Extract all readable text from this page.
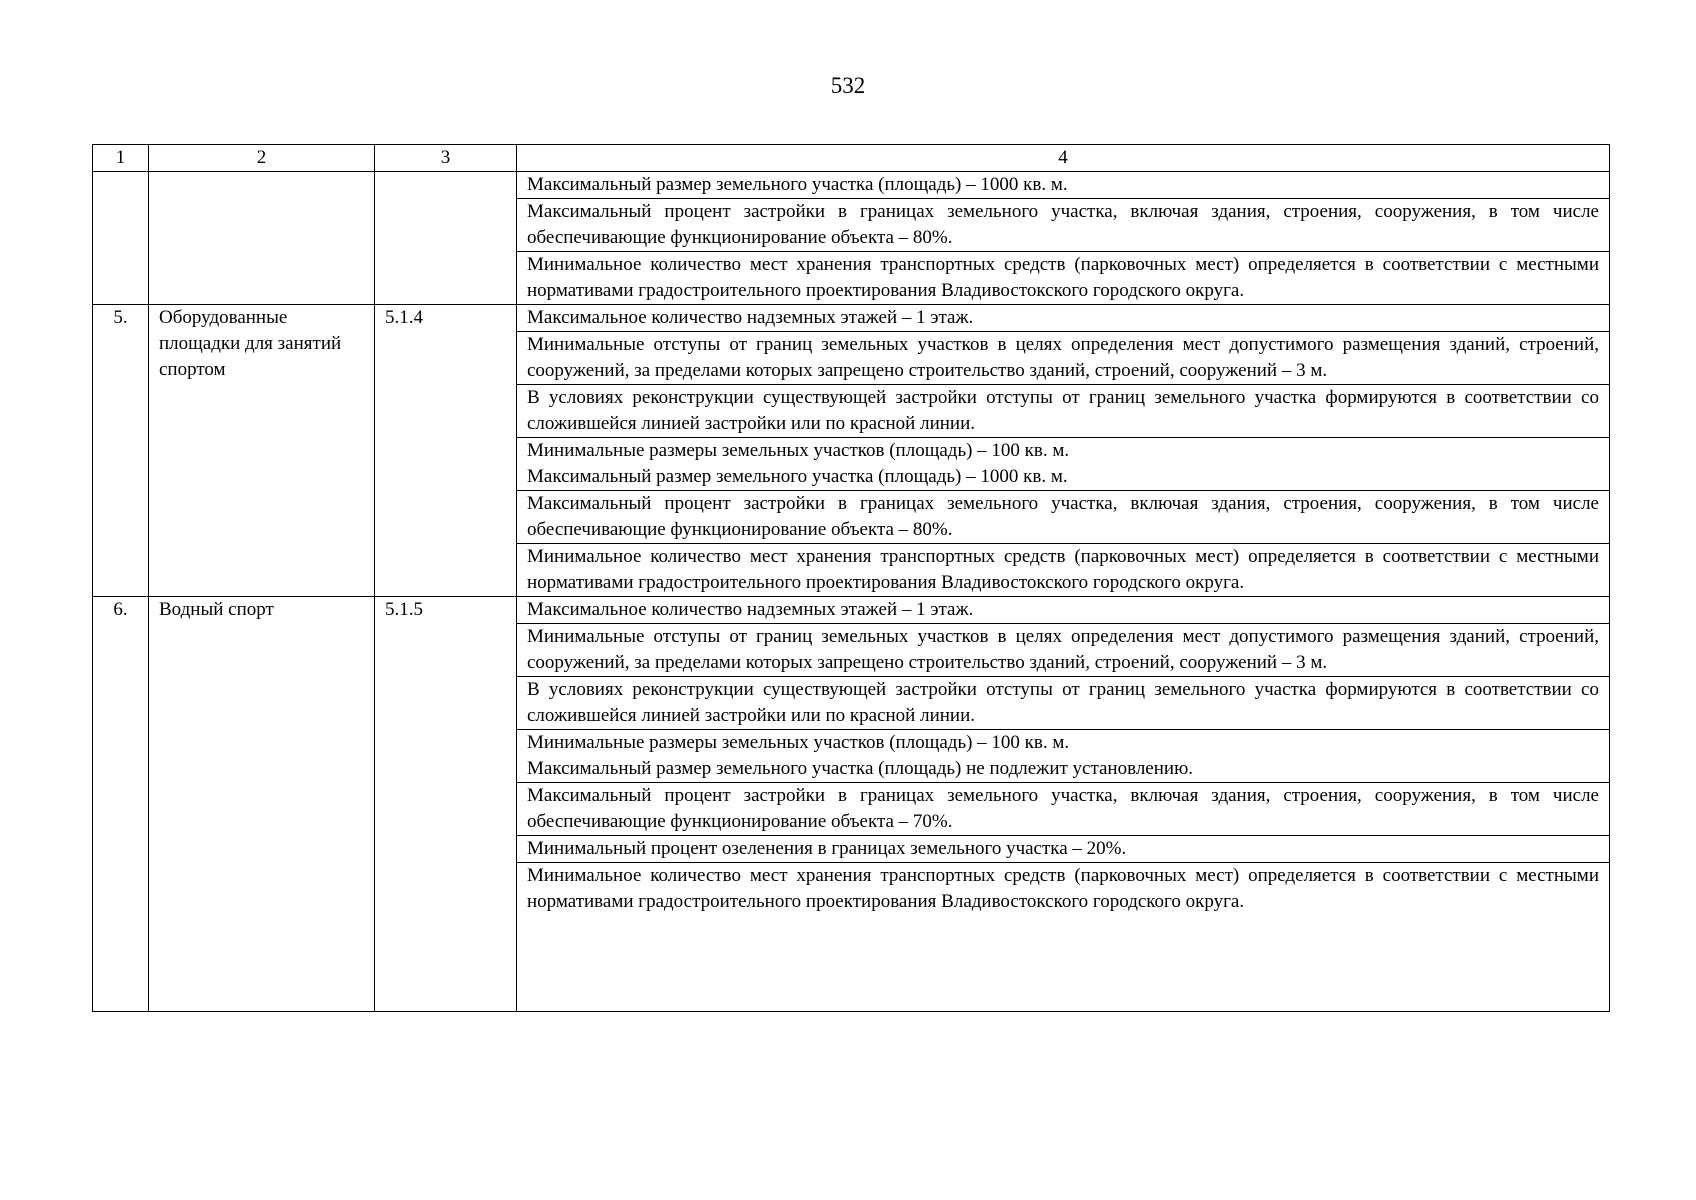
532
1	2	3	4
			Максимальный размер земельного участка (площадь) – 1000 кв. м.
			Максимальный процент застройки в границах земельного участка, включая здания, строения, сооружения, в том числе обеспечивающие функционирование объекта – 80%.
			Минимальное количество мест хранения транспортных средств (парковочных мест) определяется в соответствии с местными нормативами градостроительного проектирования Владивостокского городского округа.
5.	Оборудованные площадки для занятий спортом	5.1.4	Максимальное количество надземных этажей – 1 этаж.
			Минимальные отступы от границ земельных участков в целях определения мест допустимого размещения зданий, строений, сооружений, за пределами которых запрещено строительство зданий, строений, сооружений – 3 м.
			В условиях реконструкции существующей застройки отступы от границ земельного участка формируются в соответствии со сложившейся линией застройки или по красной линии.

			Минимальные размеры земельных участков (площадь) – 100 кв. м.
Максимальный размер земельного участка (площадь) – 1000 кв. м.

			Максимальный процент застройки в границах земельного участка, включая здания, строения, сооружения, в том числе обеспечивающие функционирование объекта – 80%.
			Минимальное количество мест хранения транспортных средств (парковочных мест) определяется в соответствии с местными нормативами градостроительного проектирования Владивостокского городского округа.
6.	Водный спорт	5.1.5	Максимальное количество надземных этажей – 1 этаж.
			Минимальные отступы от границ земельных участков в целях определения мест допустимого размещения зданий, строений, сооружений, за пределами которых запрещено строительство зданий, строений, сооружений – 3 м.
			В условиях реконструкции существующей застройки отступы от границ земельного участка формируются в соответствии со сложившейся линией застройки или по красной линии.

			Минимальные размеры земельных участков (площадь) – 100 кв. м.
Максимальный размер земельного участка (площадь) не подлежит установлению.

			Максимальный процент застройки в границах земельного участка, включая здания, строения, сооружения, в том числе обеспечивающие функционирование объекта – 70%.
			Минимальный процент озеленения в границах земельного участка – 20%.
			Минимальное количество мест хранения транспортных средств (парковочных мест) определяется в соответствии с местными нормативами градостроительного проектирования Владивостокского городского округа.
